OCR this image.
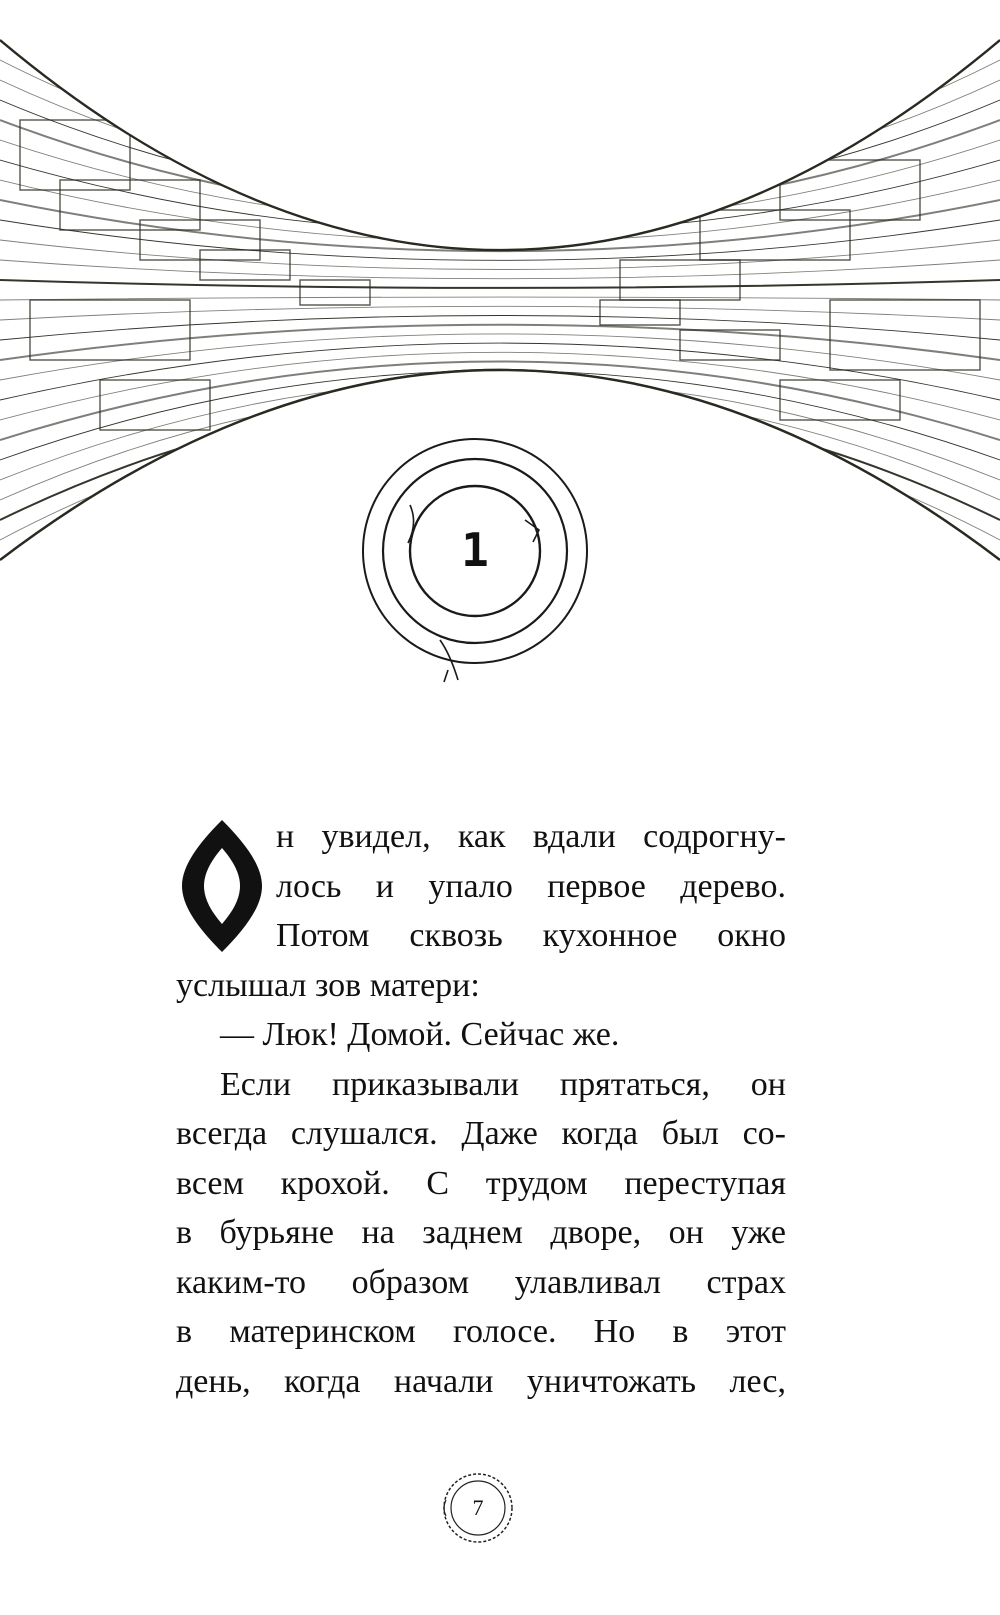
1

н увидел, как вдали содрогну-
лось и упало первое дерево.
Потом сквозь кухонное окно
услышал зов матери:

— Люк! Домой. Сейчас же.

Если приказывали прятаться, он
всегда слушался. Даже когда был со-
всем крохой. С трудом переступая
в бурьяне на заднем дворе, он уже
каким-то образом улавливал страх
в материнском голосе. Но в этот
день, когда начали уничтожать лес,

7
